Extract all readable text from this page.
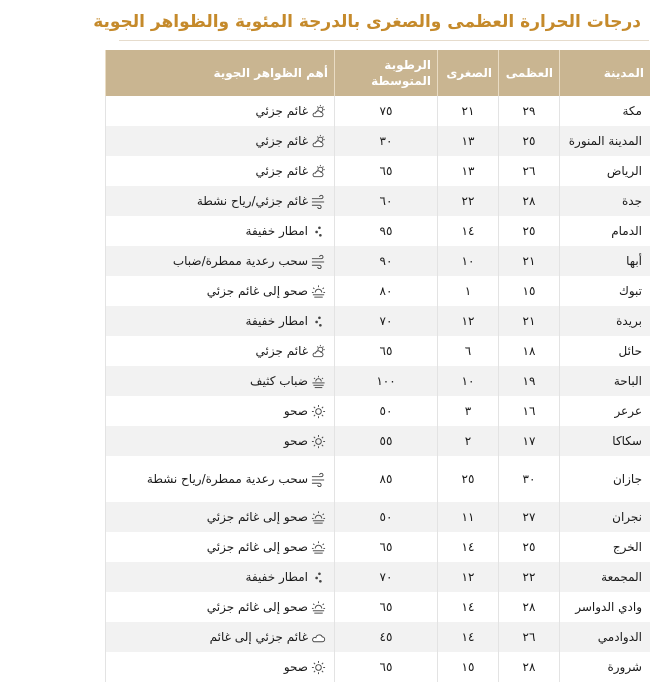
درجات الحرارة العظمى والصغرى بالدرجة المئوية والظواهر الجوية
المدينة	العظمى	الصغرى	الرطوبة المتوسطة	أهم الظواهر الجوية
مكة	٢٩	٢١	٧٥	غائم جزئي

المدينة المنورة	٢٥	١٣	٣٠	غائم جزئي

الرياض	٢٦	١٣	٦٥	غائم جزئي

جدة	٢٨	٢٢	٦٠	غائم جزئي/رياح نشطة

الدمام	٢٥	١٤	٩٥	امطار خفيفة

أبها	٢١	١٠	٩٠	سحب رعدية ممطرة/ضباب

تبوك	١٥	١	٨٠	صحو إلى غائم جزئي

بريدة	٢١	١٢	٧٠	امطار خفيفة

حائل	١٨	٦	٦٥	غائم جزئي

الباحة	١٩	١٠	١٠٠	ضباب كثيف

عرعر	١٦	٣	٥٠	صحو

سكاكا	١٧	٢	٥٥	صحو

جازان	٣٠	٢٥	٨٥	سحب رعدية ممطرة/رياح نشطة

نجران	٢٧	١١	٥٠	صحو إلى غائم جزئي

الخرج	٢٥	١٤	٦٥	صحو إلى غائم جزئي

المجمعة	٢٢	١٢	٧٠	امطار خفيفة

وادي الدواسر	٢٨	١٤	٦٥	صحو إلى غائم جزئي

الدوادمي	٢٦	١٤	٤٥	غائم جزئي إلى غائم

شرورة	٢٨	١٥	٦٥	صحو
